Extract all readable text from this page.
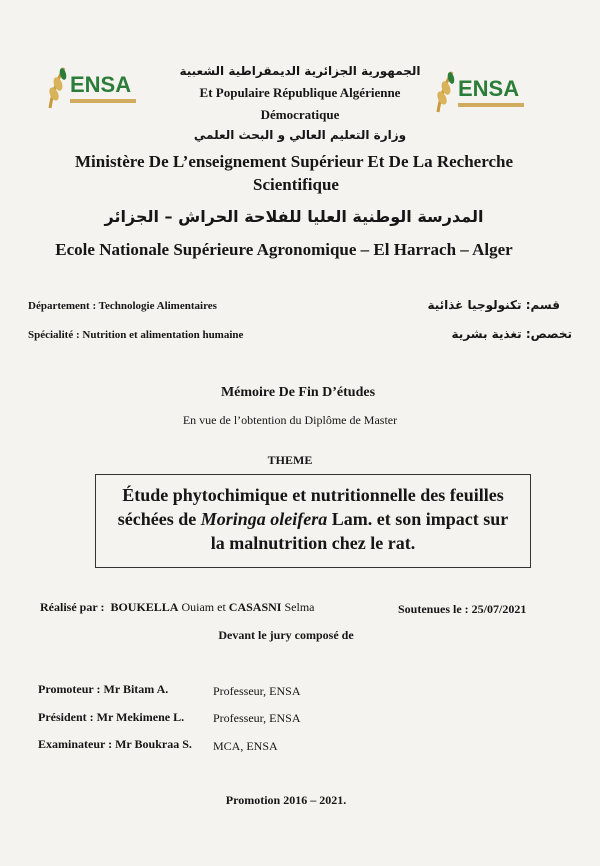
ENSA	ENSA
الجمهورية الجزائرية الديمقراطية الشعبية
Et Populaire République Algérienne
Démocratique
وزارة التعليم العالي و البحث العلمي
Ministère De L’enseignement Supérieur Et De La Recherche
Scientifique
المدرسة الوطنية العليا للفلاحة الحراش – الجزائر
Ecole Nationale Supérieure Agronomique – El Harrach – Alger
Département : Technologie Alimentaires	قسم: تكنولوجيا غذائية
Spécialité : Nutrition et alimentation humaine	تخصص: تغذية بشرية
Mémoire De Fin D’études
En vue de l’obtention du Diplôme de Master
THEME

Étude phytochimique et nutritionnelle des feuilles

séchées de Moringa oleifera Lam. et son impact sur

la malnutrition chez le rat.

Réalisé par : BOUKELLA Ouiam et CASASNI Selma	Soutenues le : 25/07/2021
Devant le jury composé de
Promoteur : Mr Bitam A.	Professeur, ENSA
Président : Mr Mekimene L. Professeur, ENSA
Examinateur : Mr Boukraa S. MCA, ENSA
Promotion 2016 – 2021.
